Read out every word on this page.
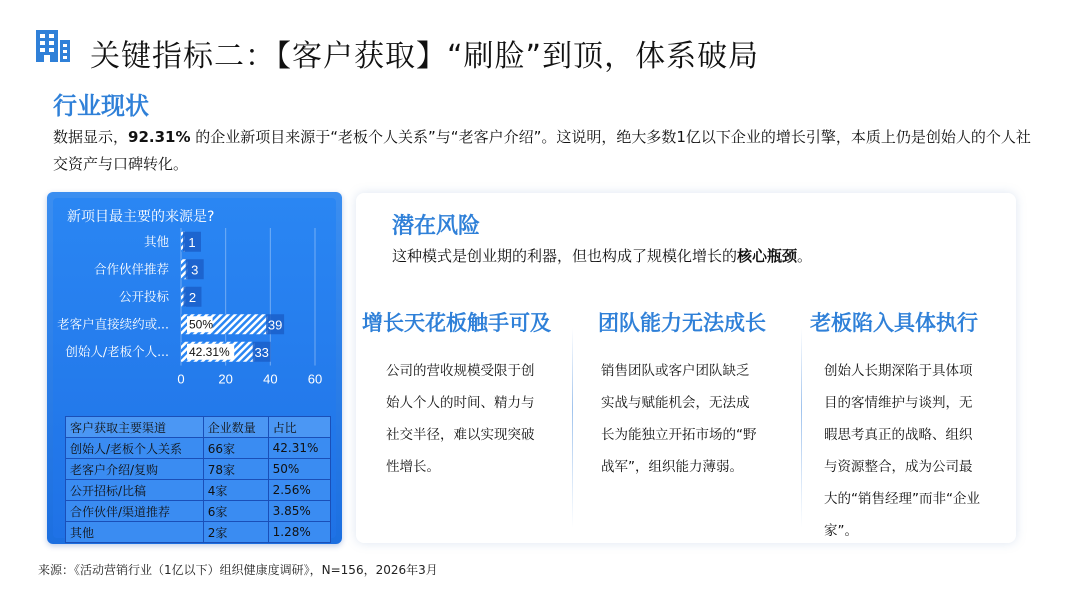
关键指标二：【客户获取】“刷脸”到顶，体系破局
行业现状
数据显示，92.31% 的企业新项目来源于“老板个人关系”与“老客户介绍”。这说明，绝大多数1亿以下企业的增长引擎，本质上仍是创始人的个人社交资产与口碑转化。
新项目最主要的来源是?
0	20 40 60
其他 1
合作伙伴推荐 3
公开投标 2
老客户直接续约或...	39
50%
创始人/老板个人...	33
42.31%
客户获取主要渠道	企业数量	占比
创始人/老板个人关系	66家	42.31%
老客户介绍/复购	78家	50%
公开招标/比稿	4家	2.56%
合作伙伴/渠道推荐	6家	3.85%
其他	2家	1.28%
潜在风险
这种模式是创业期的利器，但也构成了规模化增长的核心瓶颈。
增长天花板触手可及
公司的营收规模受限于创始人个人的时间、精力与社交半径，难以实现突破性增长。
团队能力无法成长
销售团队或客户团队缺乏实战与赋能机会，无法成长为能独立开拓市场的“野战军”，组织能力薄弱。
老板陷入具体执行
创始人长期深陷于具体项目的客情维护与谈判，无暇思考真正的战略、组织与资源整合，成为公司最大的“销售经理”而非“企业家”。
来源：《活动营销行业（1亿以下）组织健康度调研》，N=156，2026年3月
